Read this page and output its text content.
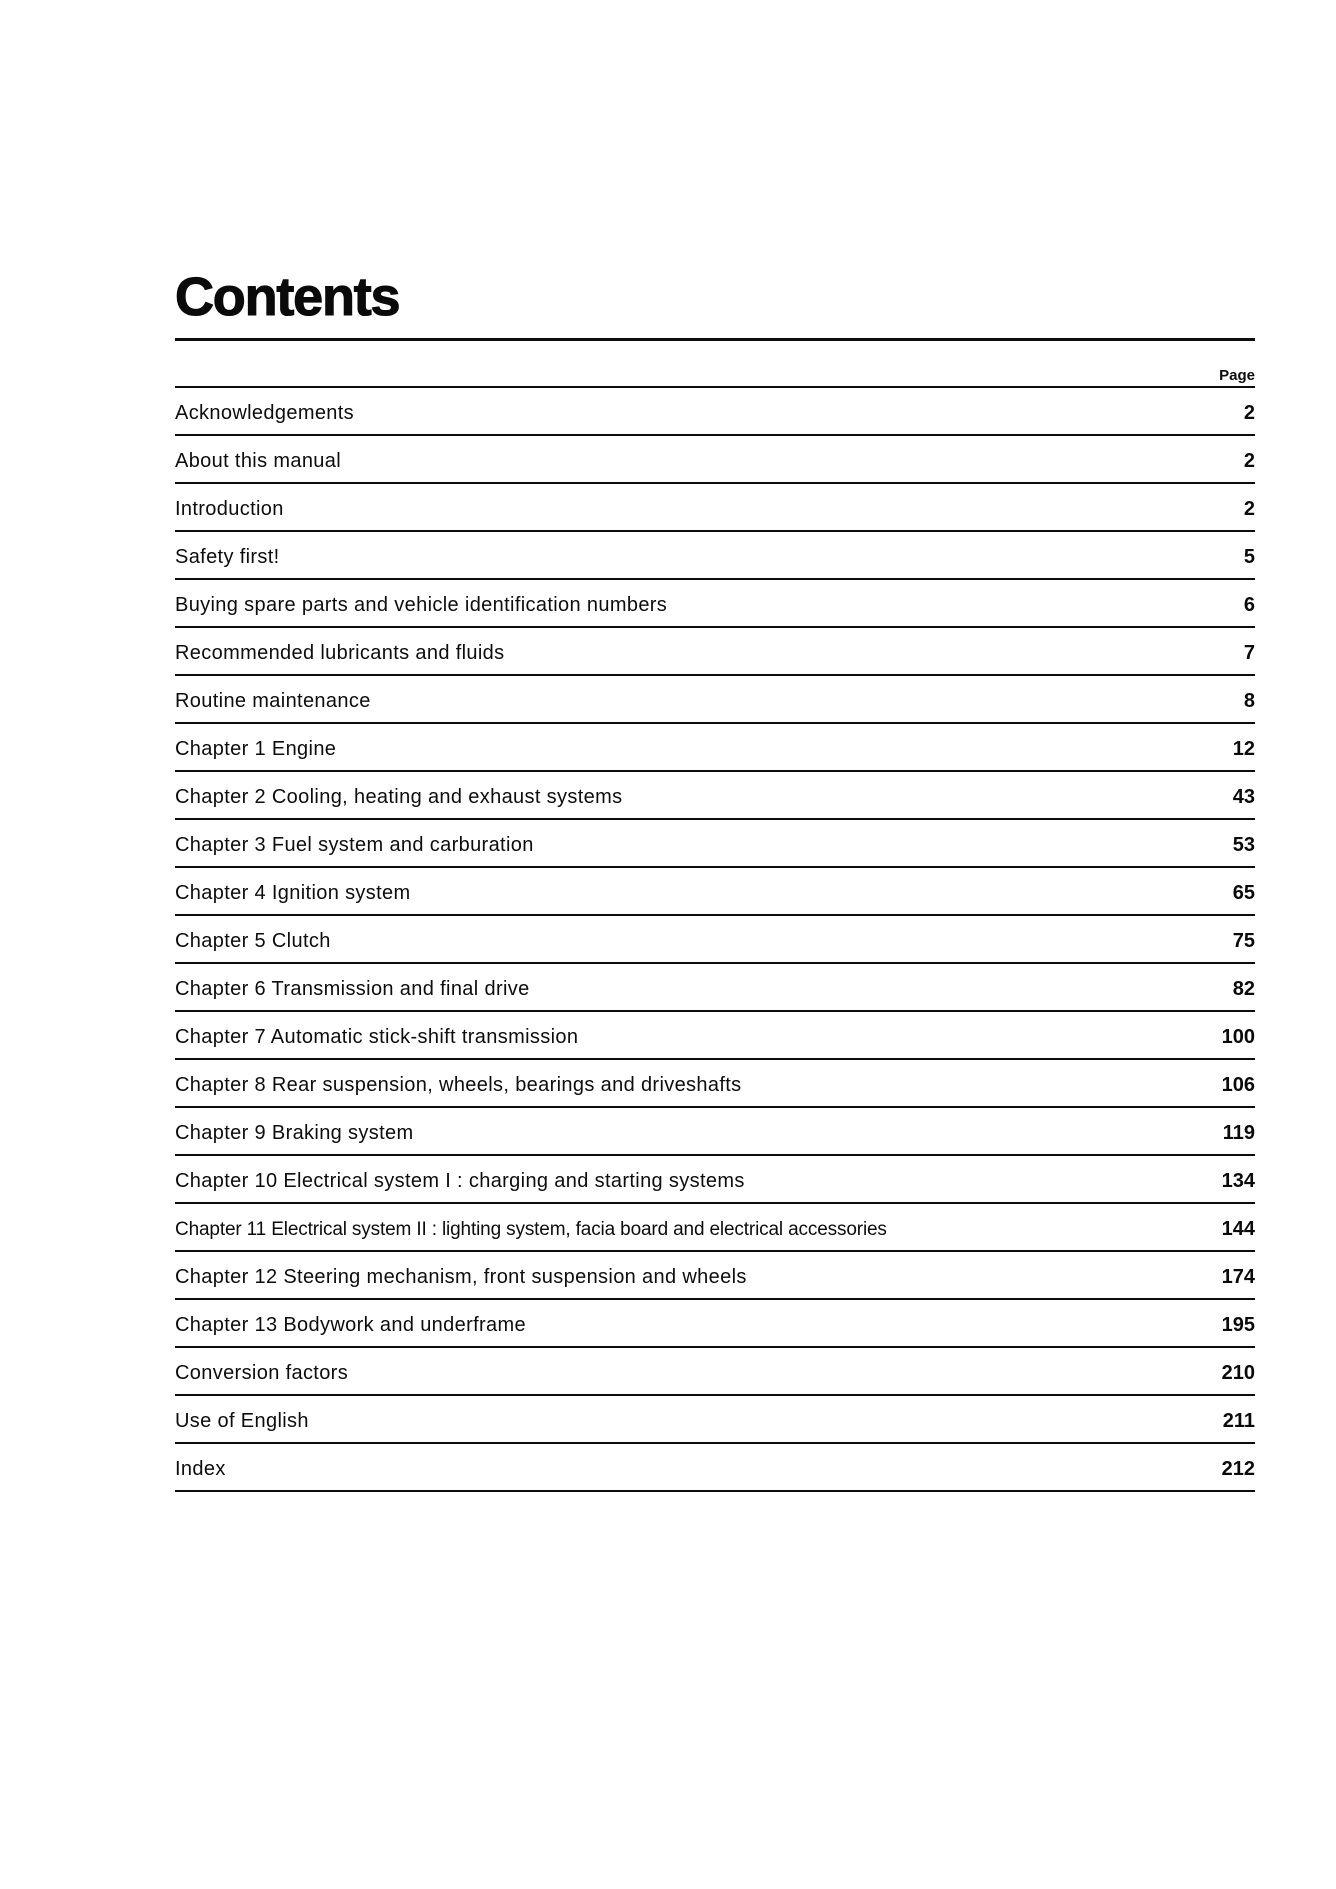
Contents
Page
Acknowledgements	2
About this manual	2
Introduction	2
Safety first!	5
Buying spare parts and vehicle identification numbers	6
Recommended lubricants and fluids	7
Routine maintenance	8
Chapter 1 Engine	12
Chapter 2 Cooling, heating and exhaust systems	43
Chapter 3 Fuel system and carburation	53
Chapter 4 Ignition system	65
Chapter 5 Clutch	75
Chapter 6 Transmission and final drive	82
Chapter 7 Automatic stick-shift transmission	100
Chapter 8 Rear suspension, wheels, bearings and driveshafts	106
Chapter 9 Braking system	119
Chapter 10 Electrical system I : charging and starting systems	134
Chapter 11 Electrical system II : lighting system, facia board and electrical accessories	144
Chapter 12 Steering mechanism, front suspension and wheels	174
Chapter 13 Bodywork and underframe	195
Conversion factors	210
Use of English	211
Index	212
